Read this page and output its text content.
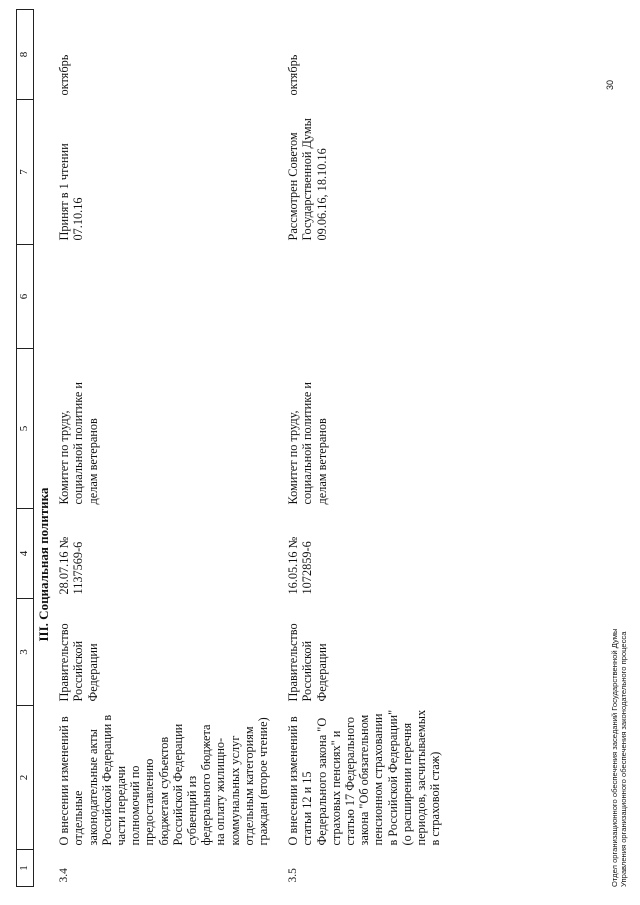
1	2	3	4	5	6	7	8
III. Социальная политика							
3.4	О внесении изменений в отдельные законодательные акты Российской Федерации в части передачи полномочий по предоставлению бюджетам субъектов Российской Федерации субвенций из федерального бюджета на оплату жилищно-коммунальных услуг отдельным категориям граждан (второе чтение)	Правительство Российской Федерации	28.07.16 № 1137569-6	Комитет по труду, социальной политике и делам ветеранов		Принят в 1 чтении 07.10.16	октябрь
3.5	О внесении изменений в статьи 12 и 15 Федерального закона "О страховых пенсиях" и статью 17 Федерального закона "Об обязательном пенсионном страховании в Российской Федерации" (о расширении перечня периодов, засчитываемых в страховой стаж)	Правительство Российской Федерации	16.05.16 № 1072859-6	Комитет по труду, социальной политике и делам ветеранов		Рассмотрен Советом Государственной Думы 09.06.16, 18.10.16	октябрь
Отдел организационного обеспечения заседаний Государственной Думы Управления организационного обеспечения законодательного процесса
30
